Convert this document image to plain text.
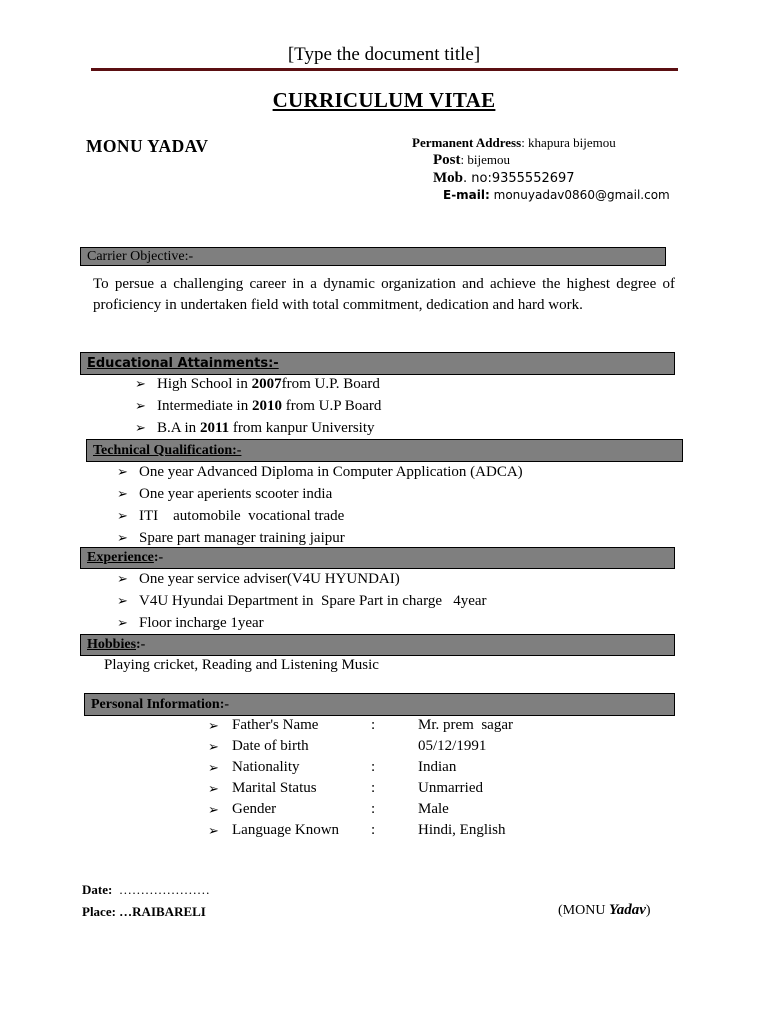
[Type the document title]
CURRICULUM VITAE
MONU YADAV	Permanent Address: khapura bijemou
Post: bijemou
Mob. no:9355552697
E-mail: monuyadav0860@gmail.com
Carrier Objective:-
To persue a challenging career in a dynamic organization and achieve the highest degree of proficiency in undertaken field with total commitment, dedication and hard work.
Educational Attainments:-
➢ High School in 2007from U.P. Board
➢ Intermediate in 2010 from U.P Board
➢ B.A in 2011 from kanpur University
Technical Qualification:-
➢ One year Advanced Diploma in Computer Application (ADCA)
➢ One year aperients scooter india
➢ ITI    automobile  vocational trade
➢ Spare part manager training jaipur
Experience:-
➢ One year service adviser(V4U HYUNDAI)
➢ V4U Hyundai Department in  Spare Part in charge   4year
➢ Floor incharge 1year
Hobbies:-
Playing cricket, Reading and Listening Music
Personal Information:-
➢ Father's Name	:	Mr. prem  sagar
➢ Date of birth	05/12/1991
➢ Nationality	:	Indian
➢ Marital Status	:	Unmarried
➢ Gender	:	Male
➢ Language Known :	Hindi, English
Date: …………………
Place: …RAIBARELI	(MONU Yadav)
